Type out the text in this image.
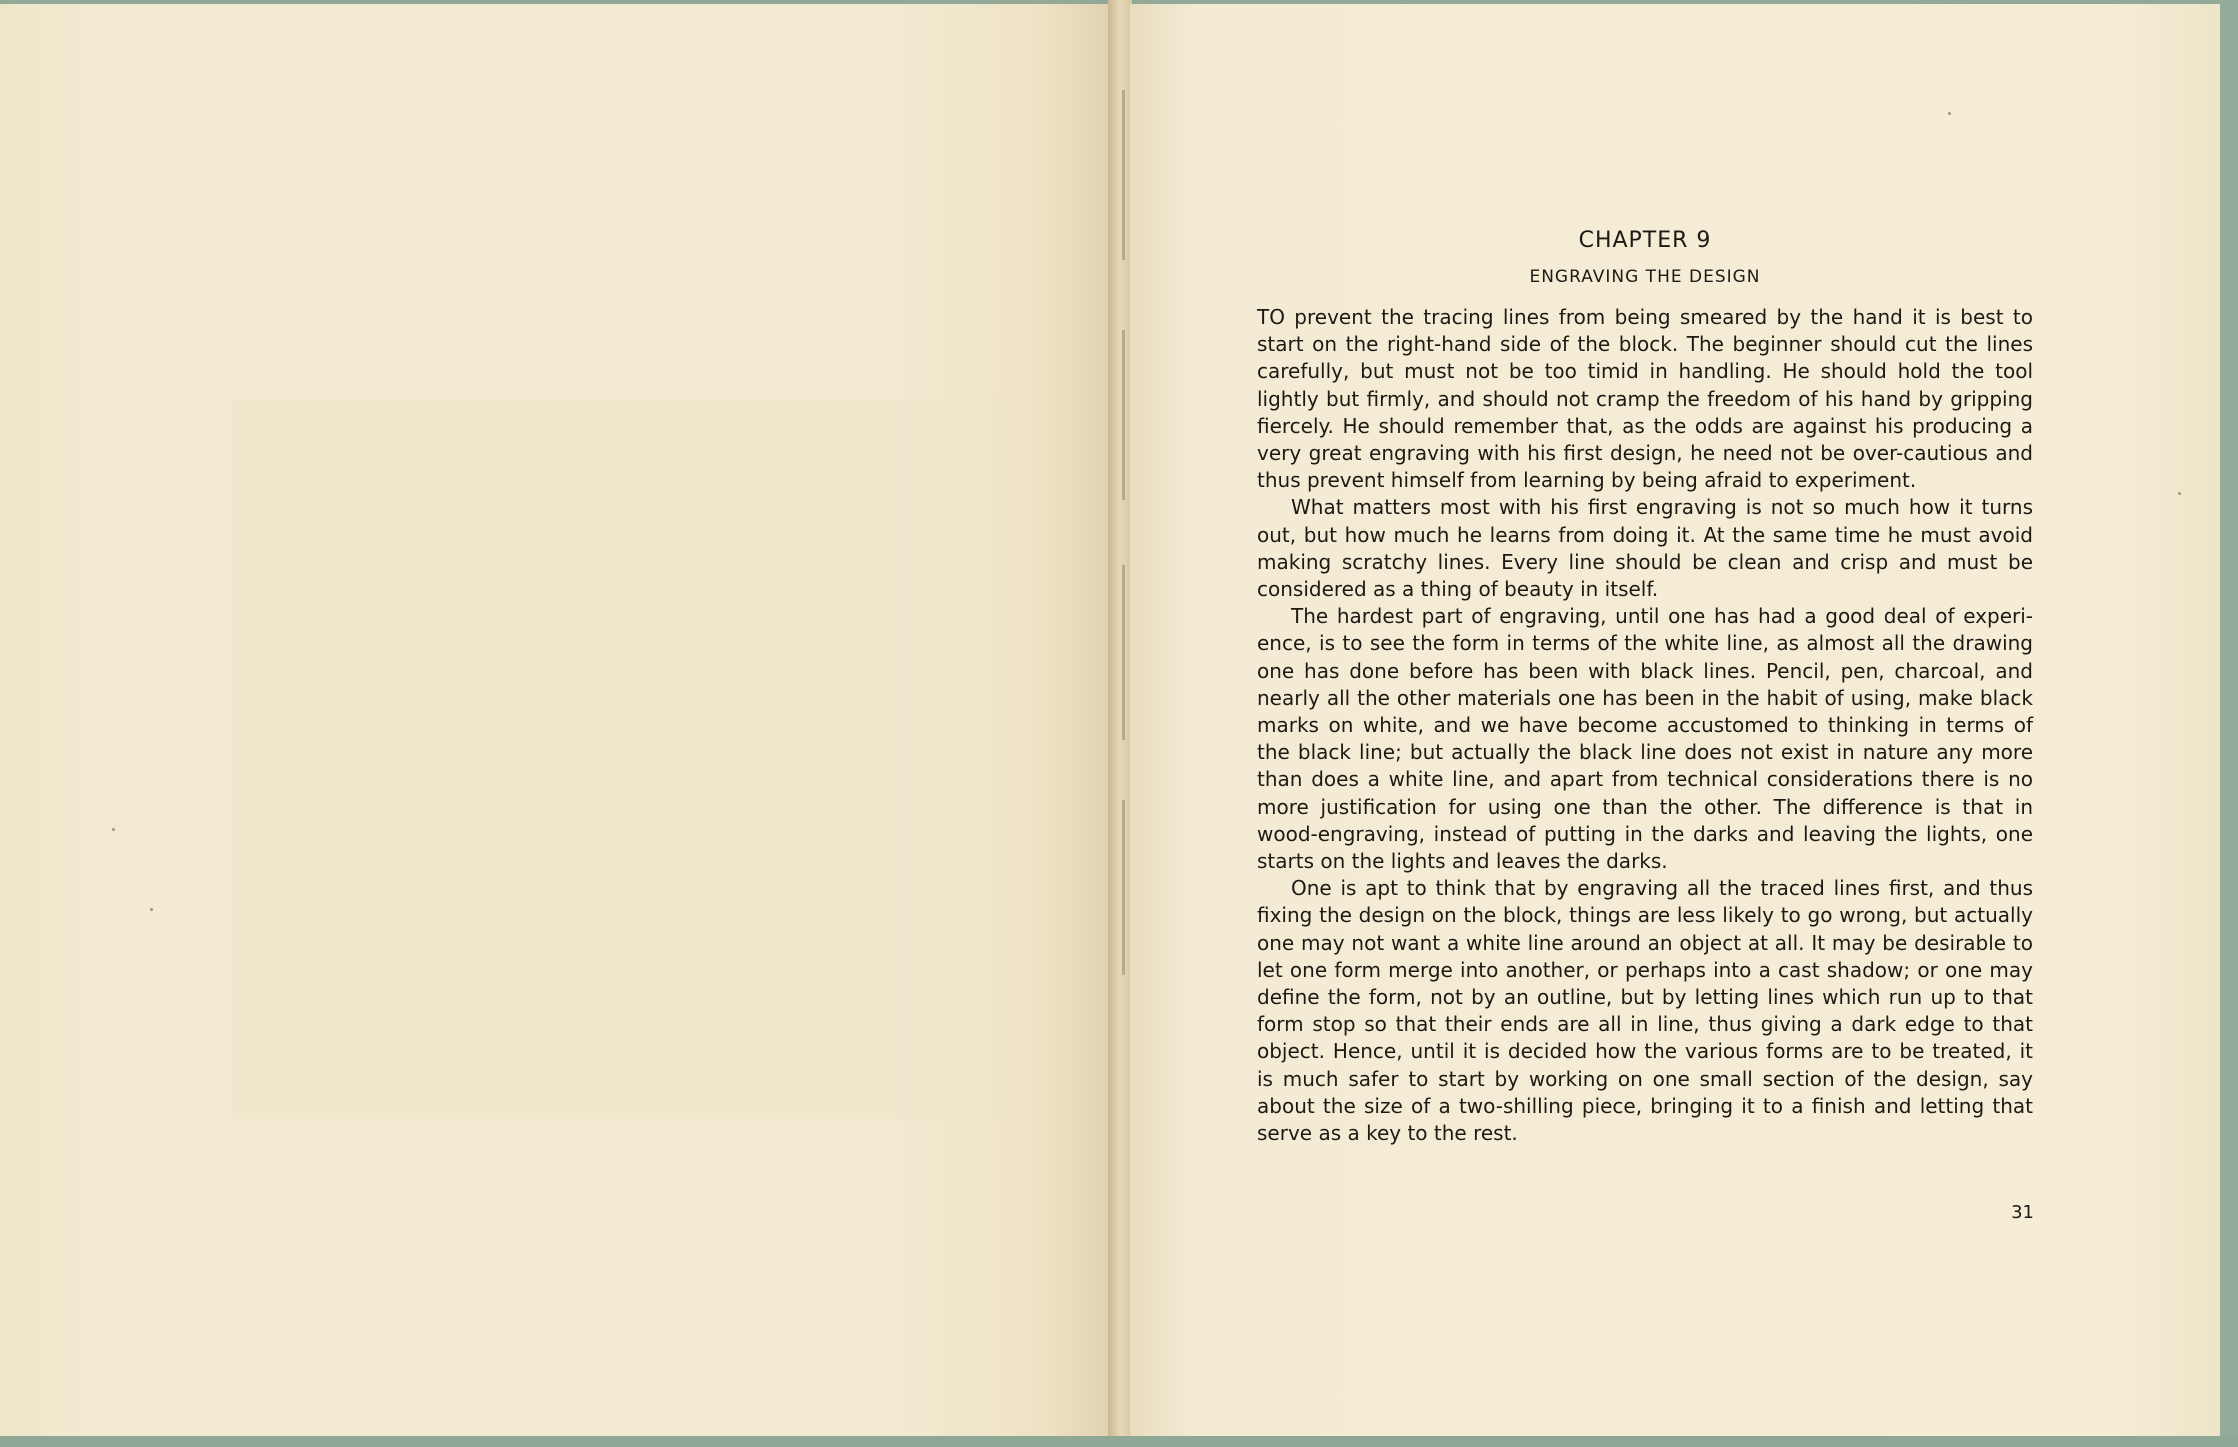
CHAPTER 9
ENGRAVING THE DESIGN

TO prevent the tracing lines from being smeared by the hand it is best to start on the right-hand side of the block. The beginner should cut the lines carefully, but must not be too timid in handling. He should hold the tool lightly but firmly, and should not cramp the freedom of his hand by gripping fiercely. He should remember that, as the odds are against his producing a very great engraving with his first design, he need not be over-cautious and thus prevent himself from learning by being afraid to experiment.

What matters most with his first engraving is not so much how it turns out, but how much he learns from doing it. At the same time he must avoid making scratchy lines. Every line should be clean and crisp and must be considered as a thing of beauty in itself.

The hardest part of engraving, until one has had a good deal of experience, is to see the form in terms of the white line, as almost all the drawing one has done before has been with black lines. Pencil, pen, charcoal, and nearly all the other materials one has been in the habit of using, make black marks on white, and we have become accustomed to thinking in terms of the black line; but actually the black line does not exist in nature any more than does a white line, and apart from technical considerations there is no more justification for using one than the other. The difference is that in wood-engraving, instead of putting in the darks and leaving the lights, one starts on the lights and leaves the darks.

One is apt to think that by engraving all the traced lines first, and thus fixing the design on the block, things are less likely to go wrong, but actually one may not want a white line around an object at all. It may be desirable to let one form merge into another, or perhaps into a cast shadow; or one may define the form, not by an outline, but by letting lines which run up to that form stop so that their ends are all in line, thus giving a dark edge to that object. Hence, until it is decided how the various forms are to be treated, it is much safer to start by working on one small section of the design, say about the size of a two-shilling piece, bringing it to a finish and letting that serve as a key to the rest.

31
